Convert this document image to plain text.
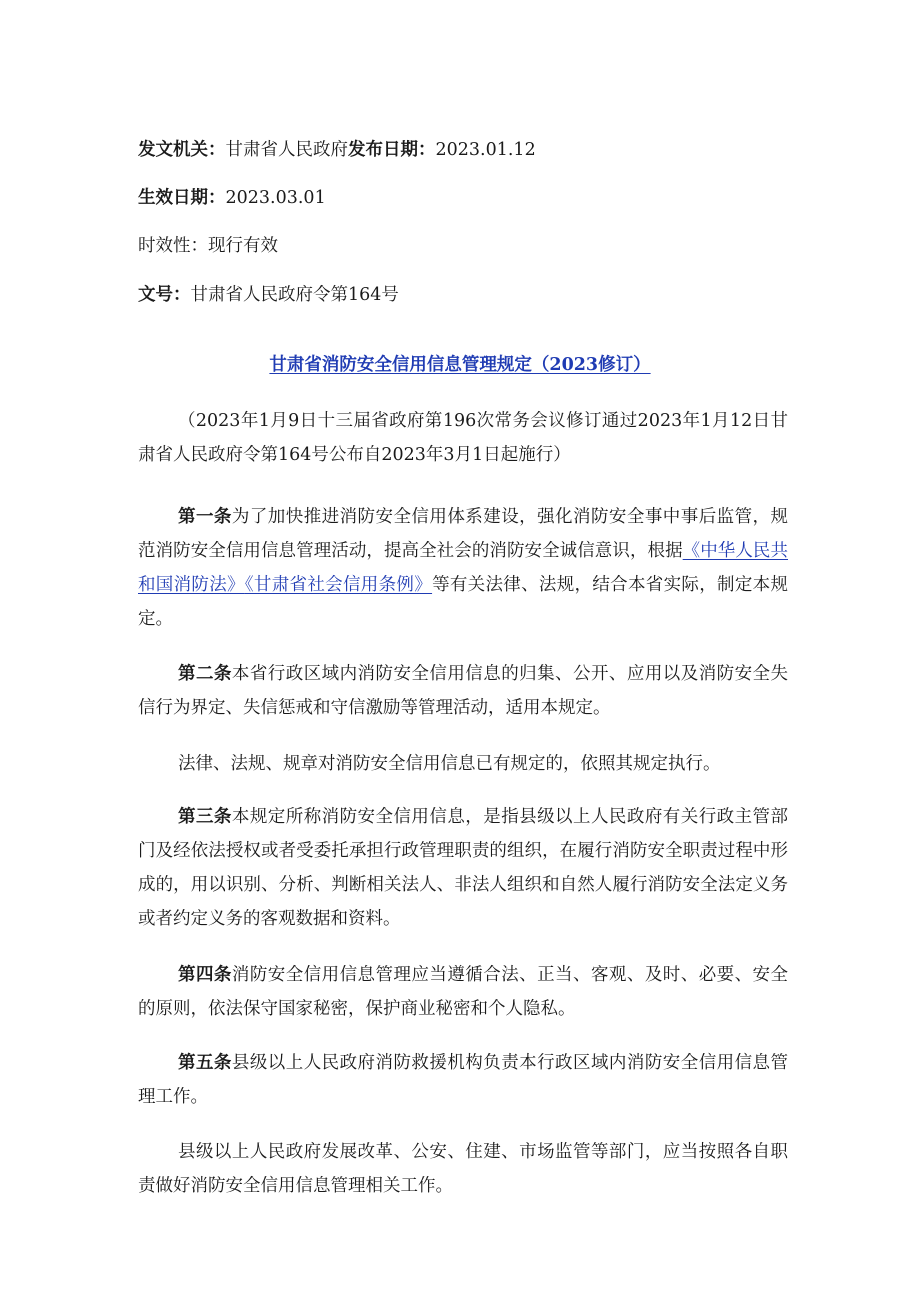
发文机关：甘肃省人民政府发布日期：2023.01.12

生效日期：2023.03.01

时效性：现行有效

文号：甘肃省人民政府令第164号

甘肃省消防安全信用信息管理规定（2023修订）

（2023年1月9日十三届省政府第196次常务会议修订通过2023年1月12日甘肃省人民政府令第164号公布自2023年3月1日起施行）

第一条为了加快推进消防安全信用体系建设，强化消防安全事中事后监管，规范消防安全信用信息管理活动，提高全社会的消防安全诚信意识，根据《中华人民共和国消防法》《甘肃省社会信用条例》等有关法律、法规，结合本省实际，制定本规定。

第二条本省行政区域内消防安全信用信息的归集、公开、应用以及消防安全失信行为界定、失信惩戒和守信激励等管理活动，适用本规定。

法律、法规、规章对消防安全信用信息已有规定的，依照其规定执行。

第三条本规定所称消防安全信用信息，是指县级以上人民政府有关行政主管部门及经依法授权或者受委托承担行政管理职责的组织，在履行消防安全职责过程中形成的，用以识别、分析、判断相关法人、非法人组织和自然人履行消防安全法定义务或者约定义务的客观数据和资料。

第四条消防安全信用信息管理应当遵循合法、正当、客观、及时、必要、安全的原则，依法保守国家秘密，保护商业秘密和个人隐私。

第五条县级以上人民政府消防救援机构负责本行政区域内消防安全信用信息管理工作。

县级以上人民政府发展改革、公安、住建、市场监管等部门，应当按照各自职责做好消防安全信用信息管理相关工作。
